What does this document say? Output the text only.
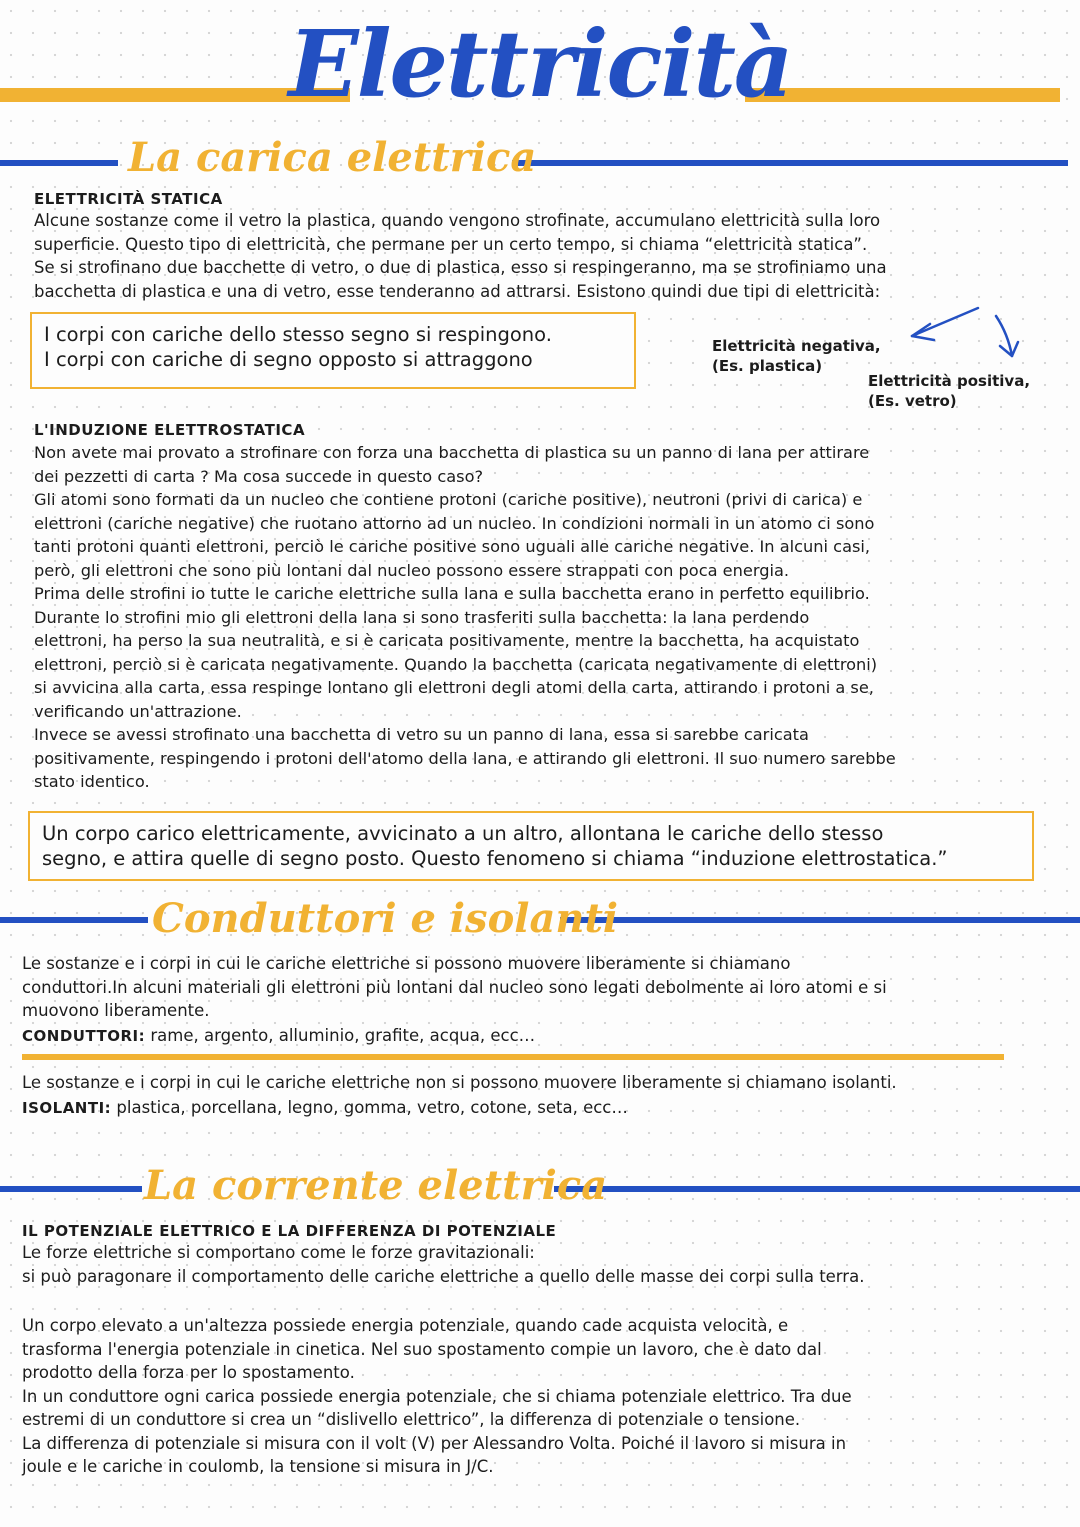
Elettricità
La carica elettrica
ELETTRICITÀ STATICA
Alcune sostanze come il vetro la plastica, quando vengono strofinate, accumulano elettricità sulla loro
superficie. Questo tipo di elettricità, che permane per un certo tempo, si chiama “elettricità statica”.
Se si strofinano due bacchette di vetro, o due di plastica, esso si respingeranno, ma se strofiniamo una
bacchetta di plastica e una di vetro, esse tenderanno ad attrarsi. Esistono quindi due tipi di elettricità:
I corpi con cariche dello stesso segno si respingono.
I corpi con cariche di segno opposto si attraggono
Elettricità negativa,
(Es. plastica)
Elettricità positiva,
(Es. vetro)
L'INDUZIONE ELETTROSTATICA
Non avete mai provato a strofinare con forza una bacchetta di plastica su un panno di lana per attirare
dei pezzetti di carta ? Ma cosa succede in questo caso?
Gli atomi sono formati da un nucleo che contiene protoni (cariche positive), neutroni (privi di carica) e
elettroni (cariche negative) che ruotano attorno ad un nucleo. In condizioni normali in un atomo ci sono
tanti protoni quanti elettroni, perciò le cariche positive sono uguali alle cariche negative. In alcuni casi,
però, gli elettroni che sono più lontani dal nucleo possono essere strappati con poca energia.
Prima delle strofini io tutte le cariche elettriche sulla lana e sulla bacchetta erano in perfetto equilibrio.
Durante lo strofini mio gli elettroni della lana si sono trasferiti sulla bacchetta: la lana perdendo
elettroni, ha perso la sua neutralità, e si è caricata positivamente, mentre la bacchetta, ha acquistato
elettroni, perciò si è caricata negativamente. Quando la bacchetta (caricata negativamente di elettroni)
si avvicina alla carta, essa respinge lontano gli elettroni degli atomi della carta, attirando i protoni a se,
verificando un'attrazione.
Invece se avessi strofinato una bacchetta di vetro su un panno di lana, essa si sarebbe caricata
positivamente, respingendo i protoni dell'atomo della lana, e attirando gli elettroni. Il suo numero sarebbe
stato identico.
Un corpo carico elettricamente, avvicinato a un altro, allontana le cariche dello stesso
segno, e attira quelle di segno posto. Questo fenomeno si chiama “induzione elettrostatica.”
Conduttori e isolanti
Le sostanze e i corpi in cui le cariche elettriche si possono muovere liberamente si chiamano
conduttori.In alcuni materiali gli elettroni più lontani dal nucleo sono legati debolmente ai loro atomi e si
muovono liberamente.
CONDUTTORI: rame, argento, alluminio, grafite, acqua, ecc…
Le sostanze e i corpi in cui le cariche elettriche non si possono muovere liberamente si chiamano isolanti.
ISOLANTI: plastica, porcellana, legno, gomma, vetro, cotone, seta, ecc…
La corrente elettrica
IL POTENZIALE ELETTRICO E LA DIFFERENZA DI POTENZIALE
Le forze elettriche si comportano come le forze gravitazionali:
si può paragonare il comportamento delle cariche elettriche a quello delle masse dei corpi sulla terra.
Un corpo elevato a un'altezza possiede energia potenziale, quando cade acquista velocità, e
trasforma l'energia potenziale in cinetica. Nel suo spostamento compie un lavoro, che è dato dal
prodotto della forza per lo spostamento.
In un conduttore ogni carica possiede energia potenziale, che si chiama potenziale elettrico. Tra due
estremi di un conduttore si crea un “dislivello elettrico”, la differenza di potenziale o tensione.
La differenza di potenziale si misura con il volt (V) per Alessandro Volta. Poiché il lavoro si misura in
joule e le cariche in coulomb, la tensione si misura in J/C.
